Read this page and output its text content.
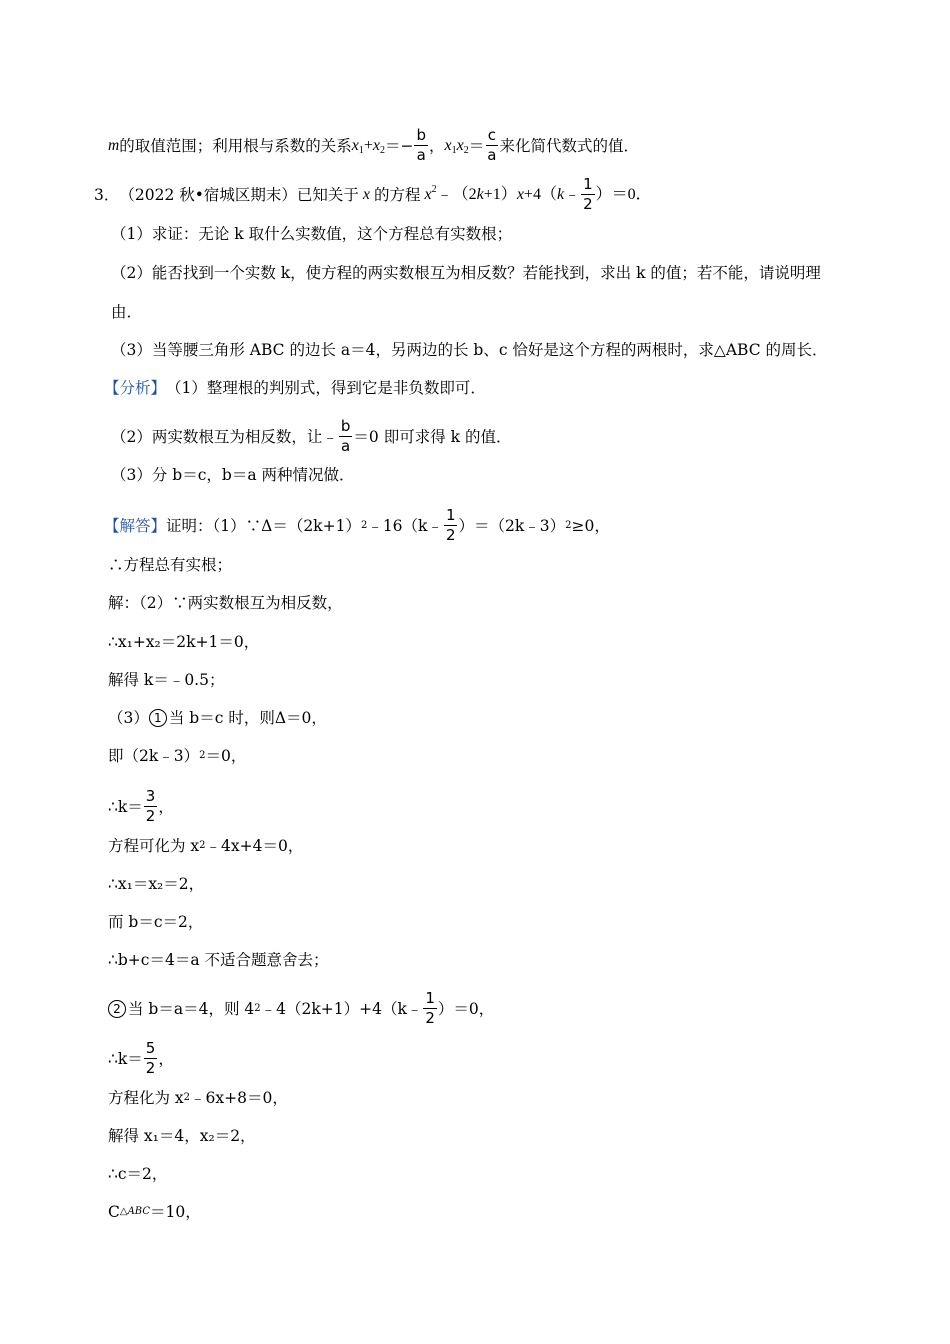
m 的取值范围；利用根与系数的关系 $x_1+x_2 =- \frac{b}{a}$ ， $x_1x_2 = \frac{c}{a}$ 来化简代数式的值．
3． （2022 秋•宿城区期末） 已知关于 x 的方程 $x^2﹣(2k+1)x+4(k﹣ \frac{1}{2} )=0$．
（1）求证：无论 k 取什么实数值，这个方程总有实数根；
（2）能否找到一个实数 k，使方程的两实数根互为相反数？若能找到，求出 k 的值；若不能，请说明理
由．
（3）当等腰三角形 ABC 的边长 a＝4，另两边的长 b、c 恰好是这个方程的两根时，求△ABC 的周长．
【分析】 （1）整理根的判别式，得到它是非负数即可．
（2）两实数根互为相反数，让﹣ $\frac{b}{a} =0$ 即可求得 k 的值．
（3）分 b＝c，b＝a 两种情况做．
【解答】 证明：（1）∵Δ＝（2k+1） 2 ﹣16（k﹣ $\frac{1}{2}$ ）＝（2k﹣3） 2 ≥0，
∴方程总有实根；
解：（2）∵两实数根互为相反数，
∴x₁+x₂＝2k+1＝0，
解得 k＝﹣0.5；
（3） 1 当 b＝c 时，则Δ＝0，
即（2k﹣3） 2 ＝0，
∴k＝ $\frac{3}{2}$ ，
方程可化为 x 2 ﹣4x+4＝0，
∴x₁＝x₂＝2，
而 b＝c＝2，
∴b+c＝4＝a 不适合题意舍去；
2 当 b＝a＝4，则 4 2 ﹣4（2k+1）+4（k﹣ $\frac{1}{2} )=0$，
∴k＝ $\frac{5}{2}$ ，
方程化为 x 2 ﹣6x+8＝0，
解得 x₁＝4，x₂＝2，
∴c＝2，
C △ABC ＝10，
